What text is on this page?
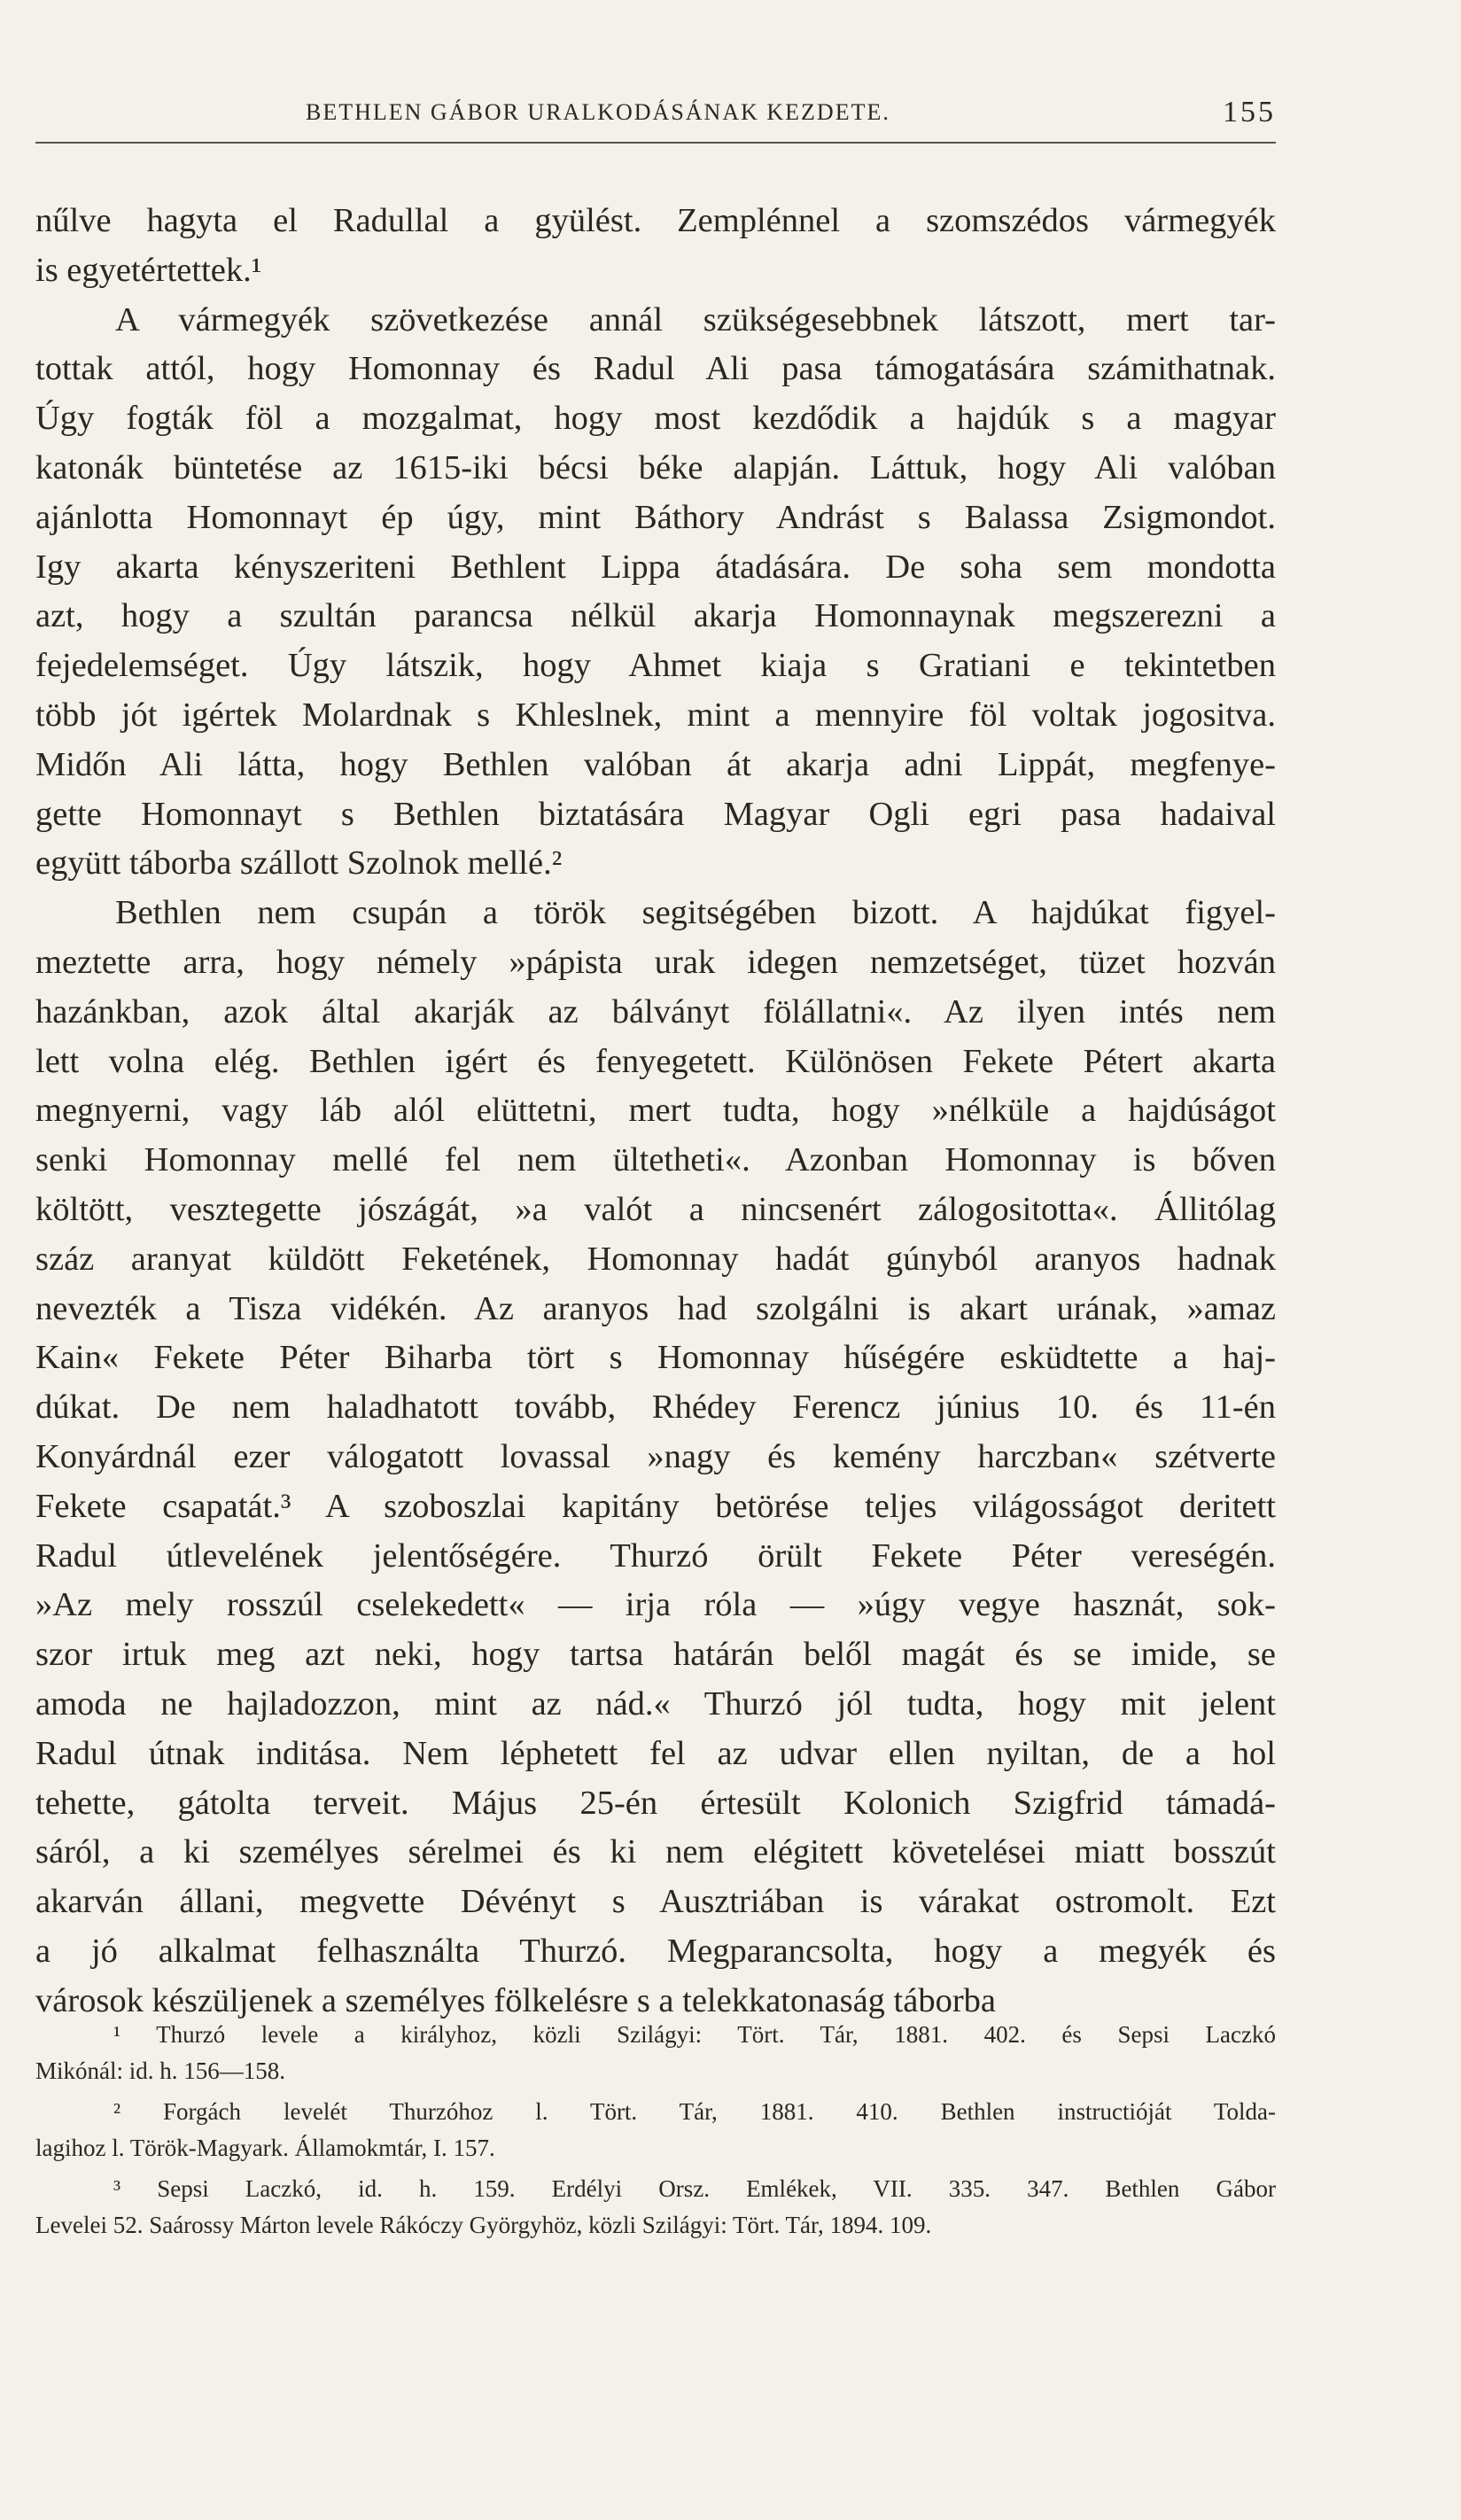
BETHLEN GÁBOR URALKODÁSÁNAK KEZDETE.	155

nűlve hagyta el Radullal a gyülést. Zemplénnel a szomszédos vármegyék
is egyetértettek.¹

A vármegyék szövetkezése annál szükségesebbnek látszott, mert tar-
tottak attól, hogy Homonnay és Radul Ali pasa támogatására számithatnak.
Úgy fogták föl a mozgalmat, hogy most kezdődik a hajdúk s a magyar
katonák büntetése az 1615-iki bécsi béke alapján. Láttuk, hogy Ali valóban
ajánlotta Homonnayt ép úgy, mint Báthory Andrást s Balassa Zsigmondot.
Igy akarta kényszeriteni Bethlent Lippa átadására. De soha sem mondotta
azt, hogy a szultán parancsa nélkül akarja Homonnaynak megszerezni a
fejedelemséget. Úgy látszik, hogy Ahmet kiaja s Gratiani e tekintetben
több jót igértek Molardnak s Khleslnek, mint a mennyire föl voltak jogositva.
Midőn Ali látta, hogy Bethlen valóban át akarja adni Lippát, megfenye-
gette Homonnayt s Bethlen biztatására Magyar Ogli egri pasa hadaival
együtt táborba szállott Szolnok mellé.²

Bethlen nem csupán a török segitségében bizott. A hajdúkat figyel-
meztette arra, hogy némely »pápista urak idegen nemzetséget, tüzet hozván
hazánkban, azok által akarják az bálványt fölállatni«. Az ilyen intés nem
lett volna elég. Bethlen igért és fenyegetett. Különösen Fekete Pétert akarta
megnyerni, vagy láb alól elüttetni, mert tudta, hogy »nélküle a hajdúságot
senki Homonnay mellé fel nem ültetheti«. Azonban Homonnay is bőven
költött, vesztegette jószágát, »a valót a nincsenért zálogositotta«. Állitólag
száz aranyat küldött Feketének, Homonnay hadát gúnyból aranyos hadnak
nevezték a Tisza vidékén. Az aranyos had szolgálni is akart urának, »amaz
Kain« Fekete Péter Biharba tört s Homonnay hűségére esküdtette a haj-
dúkat. De nem haladhatott tovább, Rhédey Ferencz június 10. és 11-én
Konyárdnál ezer válogatott lovassal »nagy és kemény harczban« szétverte
Fekete csapatát.³ A szoboszlai kapitány betörése teljes világosságot deritett
Radul útlevelének jelentőségére. Thurzó örült Fekete Péter vereségén.
»Az mely rosszúl cselekedett« — irja róla — »úgy vegye hasznát, sok-
szor irtuk meg azt neki, hogy tartsa határán belől magát és se imide, se
amoda ne hajladozzon, mint az nád.« Thurzó jól tudta, hogy mit jelent
Radul útnak inditása. Nem léphetett fel az udvar ellen nyiltan, de a hol
tehette, gátolta terveit. Május 25-én értesült Kolonich Szigfrid támadá-
sáról, a ki személyes sérelmei és ki nem elégitett követelései miatt bosszút
akarván állani, megvette Dévényt s Ausztriában is várakat ostromolt. Ezt
a jó alkalmat felhasználta Thurzó. Megparancsolta, hogy a megyék és
városok készüljenek a személyes fölkelésre s a telekkatonaság táborba

¹ Thurzó levele a királyhoz, közli Szilágyi: Tört. Tár, 1881. 402. és Sepsi Laczkó
Mikónál: id. h. 156—158.
² Forgách levelét Thurzóhoz l. Tört. Tár, 1881. 410. Bethlen instructióját Tolda-
lagihoz l. Török-Magyark. Államokmtár, I. 157.
³ Sepsi Laczkó, id. h. 159. Erdélyi Orsz. Emlékek, VII. 335. 347. Bethlen Gábor
Levelei 52. Saárossy Márton levele Rákóczy Györgyhöz, közli Szilágyi: Tört. Tár, 1894. 109.
